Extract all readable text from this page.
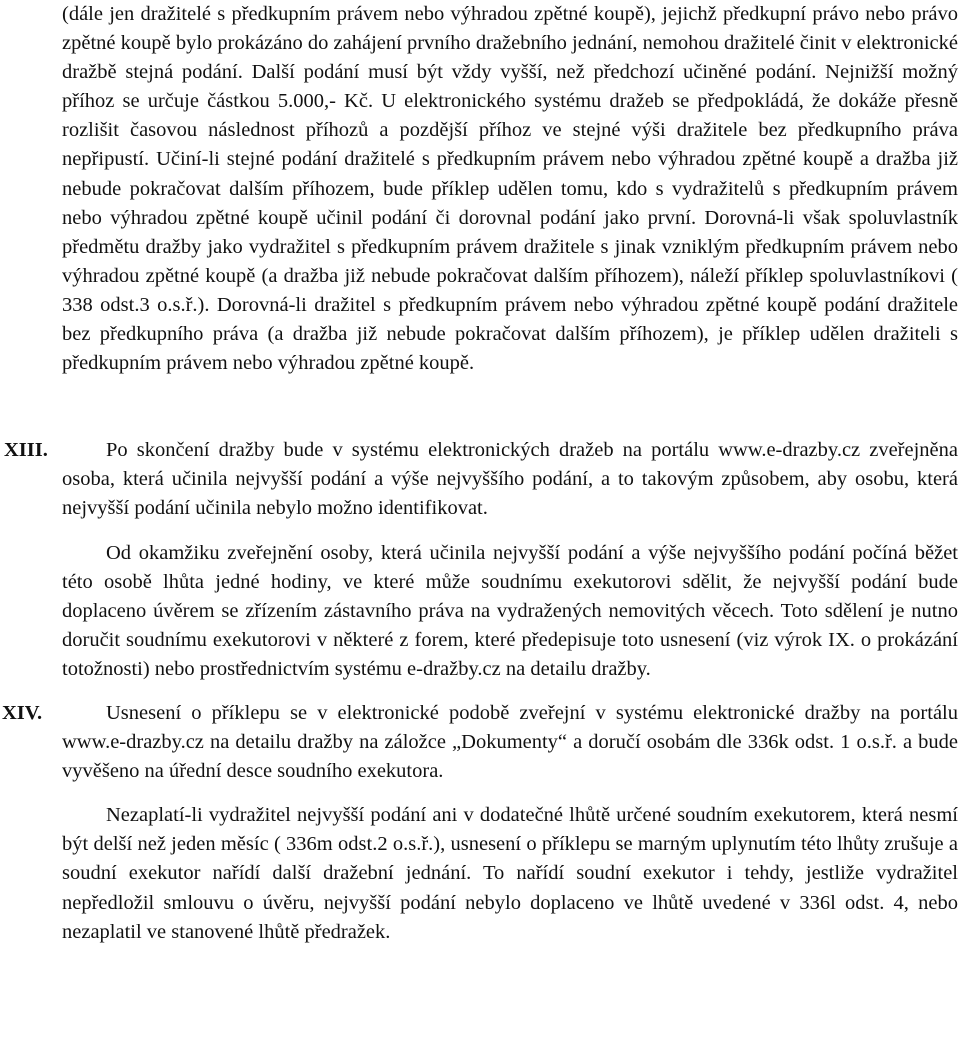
(dále jen dražitelé s předkupním právem nebo výhradou zpětné koupě), jejichž předkupní právo nebo právo zpětné koupě bylo prokázáno do zahájení prvního dražebního jednání, nemohou dražitelé činit v elektronické dražbě stejná podání. Další podání musí být vždy vyšší, než předchozí učiněné podání. Nejnižší možný příhoz se určuje částkou 5.000,- Kč. U elektronického systému dražeb se předpokládá, že dokáže přesně rozlišit časovou následnost příhozů a pozdější příhoz ve stejné výši dražitele bez předkupního práva nepřipustí. Učiní-li stejné podání dražitelé s předkupním právem nebo výhradou zpětné koupě a dražba již nebude pokračovat dalším příhozem, bude příklep udělen tomu, kdo s vydražitelů s předkupním právem nebo výhradou zpětné koupě učinil podání či dorovnal podání jako první. Dorovná-li však spoluvlastník předmětu dražby jako vydražitel s předkupním právem dražitele s jinak vzniklým předkupním právem nebo výhradou zpětné koupě (a dražba již nebude pokračovat dalším příhozem), náleží příklep spoluvlastníkovi ( 338 odst.3 o.s.ř.). Dorovná-li dražitel s předkupním právem nebo výhradou zpětné koupě podání dražitele bez předkupního práva (a dražba již nebude pokračovat dalším příhozem), je příklep udělen dražiteli s předkupním právem nebo výhradou zpětné koupě.

XIII.	Po skončení dražby bude v systému elektronických dražeb na portálu www.e-drazby.cz zveřejněna osoba, která učinila nejvyšší podání a výše nejvyššího podání, a to takovým způsobem, aby osobu, která nejvyšší podání učinila nebylo možno identifikovat.

Od okamžiku zveřejnění osoby, která učinila nejvyšší podání a výše nejvyššího podání počíná běžet této osobě lhůta jedné hodiny, ve které může soudnímu exekutorovi sdělit, že nejvyšší podání bude doplaceno úvěrem se zřízením zástavního práva na vydražených nemovitých věcech. Toto sdělení je nutno doručit soudnímu exekutorovi v některé z forem, které předepisuje toto usnesení (viz výrok IX. o prokázání totožnosti) nebo prostřednictvím systému e-dražby.cz na detailu dražby.

XIV.	Usnesení o příklepu se v elektronické podobě zveřejní v systému elektronické dražby na portálu www.e-drazby.cz na detailu dražby na záložce „Dokumenty“ a doručí osobám dle 336k odst. 1 o.s.ř. a bude vyvěšeno na úřední desce soudního exekutora.

Nezaplatí-li vydražitel nejvyšší podání ani v dodatečné lhůtě určené soudním exekutorem, která nesmí být delší než jeden měsíc ( 336m odst.2 o.s.ř.), usnesení o příklepu se marným uplynutím této lhůty zrušuje a soudní exekutor nařídí další dražební jednání. To nařídí soudní exekutor i tehdy, jestliže vydražitel nepředložil smlouvu o úvěru, nejvyšší podání nebylo doplaceno ve lhůtě uvedené v 336l odst. 4, nebo nezaplatil ve stanovené lhůtě předražek.
